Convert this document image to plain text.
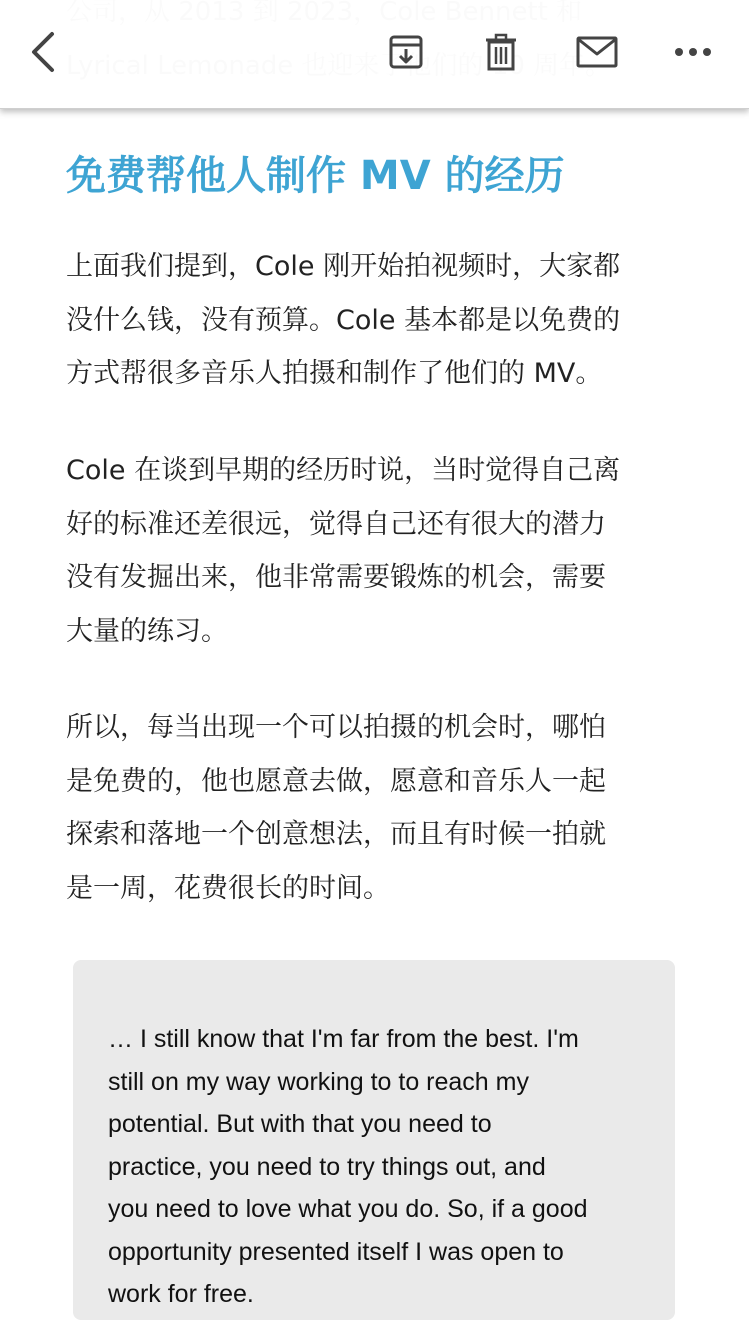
免费帮他人制作 MV 的经历
上面我们提到，Cole 刚开始拍视频时，大家都
没什么钱，没有预算。Cole 基本都是以免费的
方式帮很多音乐人拍摄和制作了他们的 MV。
Cole 在谈到早期的经历时说，当时觉得自己离
好的标准还差很远，觉得自己还有很大的潜力
没有发掘出来，他非常需要锻炼的机会，需要
大量的练习。
所以，每当出现一个可以拍摄的机会时，哪怕
是免费的，他也愿意去做，愿意和音乐人一起
探索和落地一个创意想法，而且有时候一拍就
是一周，花费很长的时间。
… I still know that I'm far from the best. I'm
still on my way working to to reach my
potential. But with that you need to
practice, you need to try things out, and
you need to love what you do. So, if a good
opportunity presented itself I was open to
work for free.
